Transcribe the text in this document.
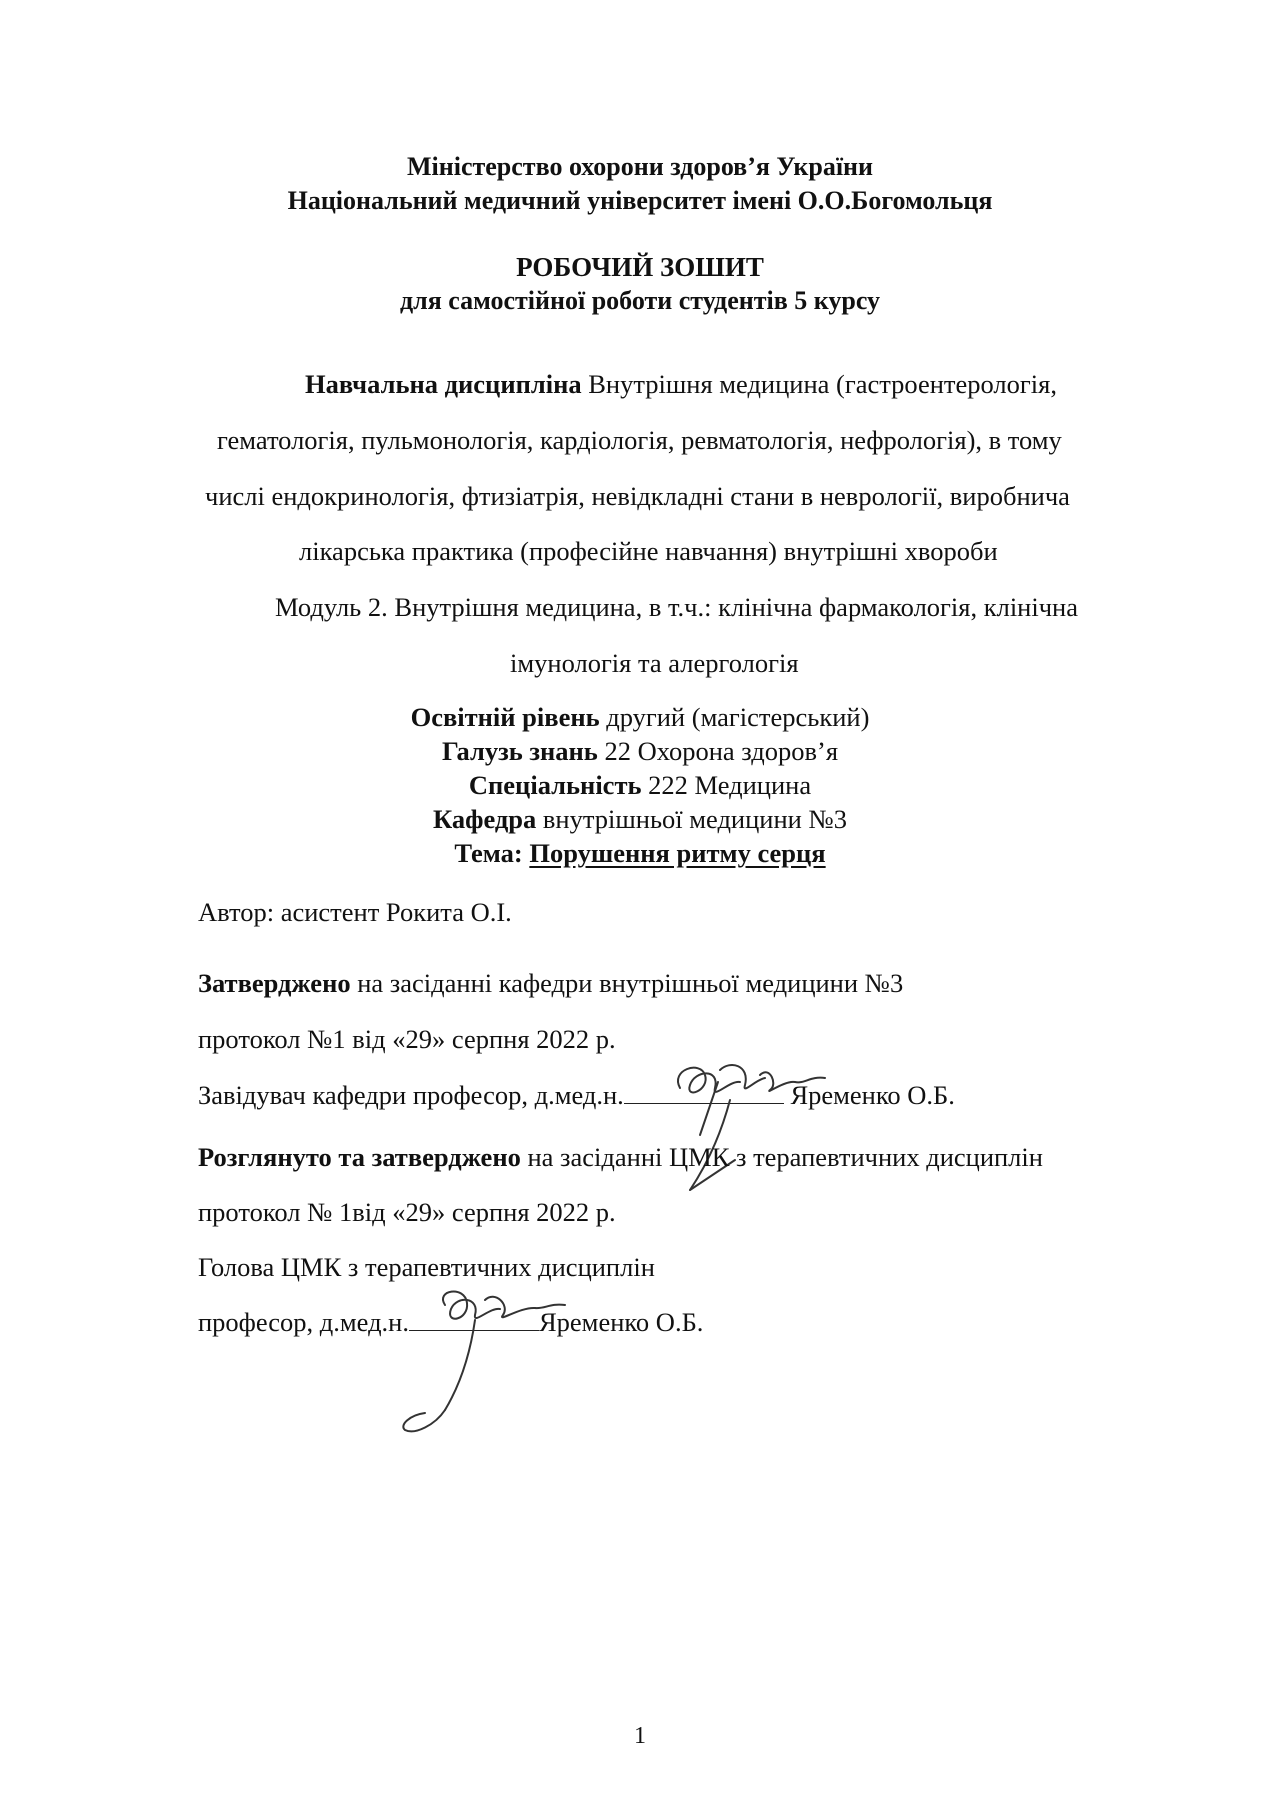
Міністерство охорони здоров’я України
Національний медичний університет імені О.О.Богомольця
РОБОЧИЙ ЗОШИТ
для самостійної роботи студентів 5 курсу
Навчальна дисципліна Внутрішня медицина (гастроентерологія,
гематологія, пульмонологія, кардіологія, ревматологія, нефрологія), в тому
числі ендокринологія, фтизіатрія, невідкладні стани в неврології, виробнича
лікарська практика (професійне навчання) внутрішні хвороби
Модуль 2. Внутрішня медицина, в т.ч.: клінічна фармакологія, клінічна
імунологія та алергологія
Освітній рівень другий (магістерський)
Галузь знань 22 Охорона здоров’я
Спеціальність 222 Медицина
Кафедра внутрішньої медицини №3
Тема: Порушення ритму серця
Автор: асистент Рокита О.І.
Затверджено на засіданні кафедри внутрішньої медицини №3
протокол №1 від «29» серпня 2022 р.
Завідувач кафедри професор, д.мед.н.	Яременко О.Б.
Розглянуто та затверджено на засіданні ЦМК з терапевтичних дисциплін
протокол № 1від «29» серпня 2022 р.
Голова ЦМК з терапевтичних дисциплін
професор, д.мед.н.	Яременко О.Б.
1
